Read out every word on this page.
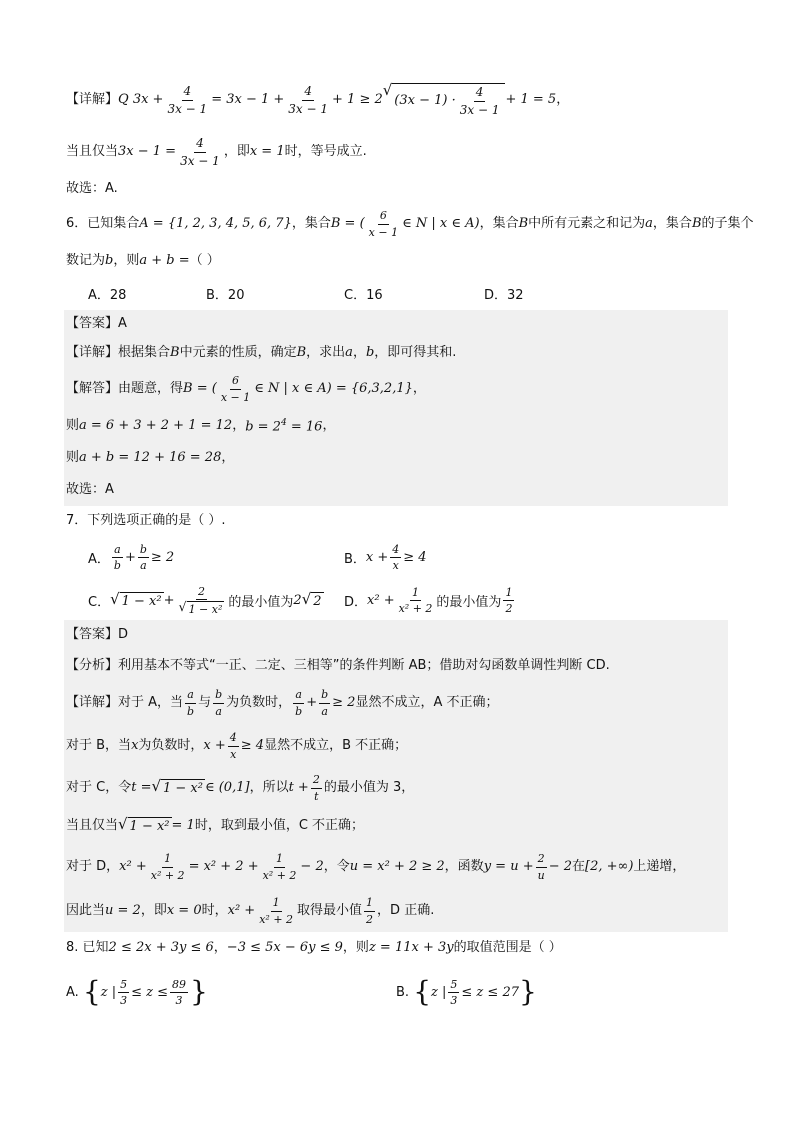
【详解】 Q $3x + \frac{4}{3x - 1} = 3x - 1 + \frac{4}{3x - 1} + 1 \ge 2$
√
$(3x - 1) \cdot \frac{4}{3x - 1} + 1 = 5$ ，
当且仅当 $3x - 1 = \frac{4}{3x - 1}$ ，即 x = 1 时，等号成立.
故选：A.
6．已知集合 A = {1, 2, 3, 4, 5, 6, 7} ，集合 B = ( $\frac{6}{x - 1}$ ∈ N | x ∈ A) ，集合 B 中所有元素之和记为 a ，集合 B 的子集个
数记为 b ，则 a + b = （ ）
A．28	B．20	C．16	D．32
【答案】A
【详解】根据集合 B 中元素的性质，确定 B ，求出 a ， b ，即可得其和.
【解答】由题意，得 B = ( $\frac{6}{x - 1}$ ∈ N | x ∈ A) = {6,3,2,1} ，
则 a = 6 + 3 + 2 + 1 = 12 ， $b = 2^4 = 16$ ，
则 a + b = 12 + 16 = 28 ，
故选：A
7．下列选项正确的是（ ）.
A． $\frac{a}{b} + \frac{b}{a} \ge 2$	B． $x + \frac{4}{x} \ge 4$
C． √ $1 - x^2 + \frac{2}{\text{√ 1 − x²}}$ 的最小值为 2 √ 2 D． $x^2 + \frac{1}{\text{x² + 2}}$ 的最小值为 $\frac{1}{2}$
【答案】D
【分析】利用基本不等式“一正、二定、三相等”的条件判断 AB；借助对勾函数单调性判断 CD.
【详解】对于 A，当 $\frac{a}{b}$ 与 $\frac{b}{a}$ 为负数时， $\frac{a}{b} + \frac{b}{a} \ge 2$ 显然不成立，A 不正确；
对于 B，当 x 为负数时， $x + \frac{4}{x} \ge 4$ 显然不成立，B 不正确；
对于 C，令 t = √ 1 − x² ∈ (0,1] ，所以 $t + \frac{2}{t}$ 的最小值为 3，
当且仅当 √ 1 − x² = 1 时，取到最小值，C 不正确；
对于 D， $x^2 + \frac{1}{\text{x² + 2}} = x^2 + 2 + \frac{1}{\text{x² + 2}} - 2$ ，令 u = x² + 2 ≥ 2 ，函数 $y = u + \frac{2}{u} - 2$ 在 [2, +∞) 上递增，
因此当 u = 2 ，即 x = 0 时， $x^2 + \frac{1}{\text{x² + 2}}$ 取得最小值 $\frac{1}{2}$ ，D 正确.
8. 已知 2 ≤ 2x + 3y ≤ 6 ， −3 ≤ 5x − 6y ≤ 9 ，则 z = 11x + 3y 的取值范围是（ ）
A.
{ z | $\frac{5}{3} \le z \le \frac{89}{3}$ }	B.
{ z | $\frac{5}{3} \le z \le 27$ }
